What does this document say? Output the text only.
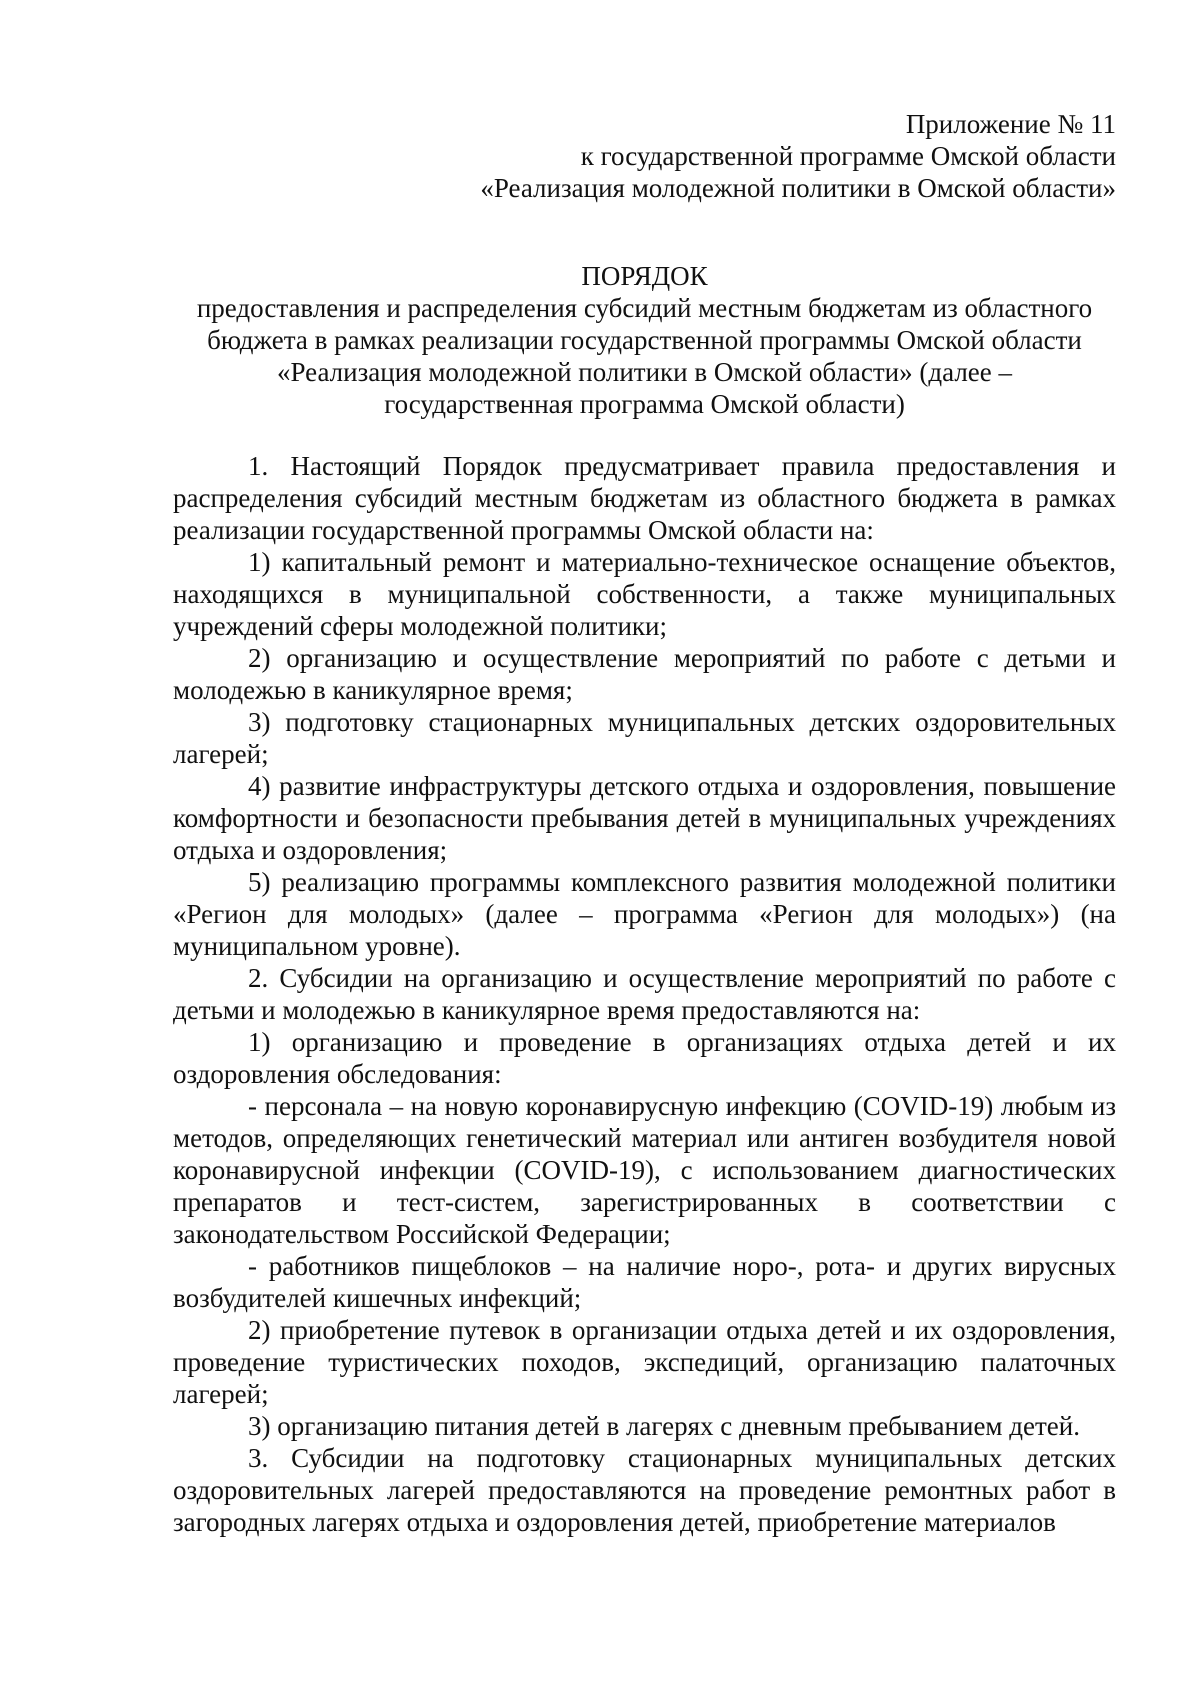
Приложение № 11
к государственной программе Омской области
«Реализация молодежной политики в Омской области»
ПОРЯДОК
предоставления и распределения субсидий местным бюджетам из областного
бюджета в рамках реализации государственной программы Омской области
«Реализация молодежной политики в Омской области» (далее –
государственная программа Омской области)

1. Настоящий Порядок предусматривает правила предоставления и распределения субсидий местным бюджетам из областного бюджета в рамках реализации государственной программы Омской области на:

1) капитальный ремонт и материально-техническое оснащение объектов, находящихся в муниципальной собственности, а также муниципальных учреждений сферы молодежной политики;

2) организацию и осуществление мероприятий по работе с детьми и молодежью в каникулярное время;

3) подготовку стационарных муниципальных детских оздоровительных лагерей;

4) развитие инфраструктуры детского отдыха и оздоровления, повышение комфортности и безопасности пребывания детей в муниципальных учреждениях отдыха и оздоровления;

5) реализацию программы комплексного развития молодежной политики «Регион для молодых» (далее – программа «Регион для молодых») (на муниципальном уровне).

2. Субсидии на организацию и осуществление мероприятий по работе с детьми и молодежью в каникулярное время предоставляются на:

1) организацию и проведение в организациях отдыха детей и их оздоровления обследования:

- персонала – на новую коронавирусную инфекцию (COVID-19) любым из методов, определяющих генетический материал или антиген возбудителя новой коронавирусной инфекции (COVID-19), с использованием диагностических препаратов и тест-систем, зарегистрированных в соответствии с законодательством Российской Федерации;

- работников пищеблоков – на наличие норо-, рота- и других вирусных возбудителей кишечных инфекций;

2) приобретение путевок в организации отдыха детей и их оздоровления, проведение туристических походов, экспедиций, организацию палаточных лагерей;

3) организацию питания детей в лагерях с дневным пребыванием детей.

3. Субсидии на подготовку стационарных муниципальных детских оздоровительных лагерей предоставляются на проведение ремонтных работ в загородных лагерях отдыха и оздоровления детей, приобретение материалов
